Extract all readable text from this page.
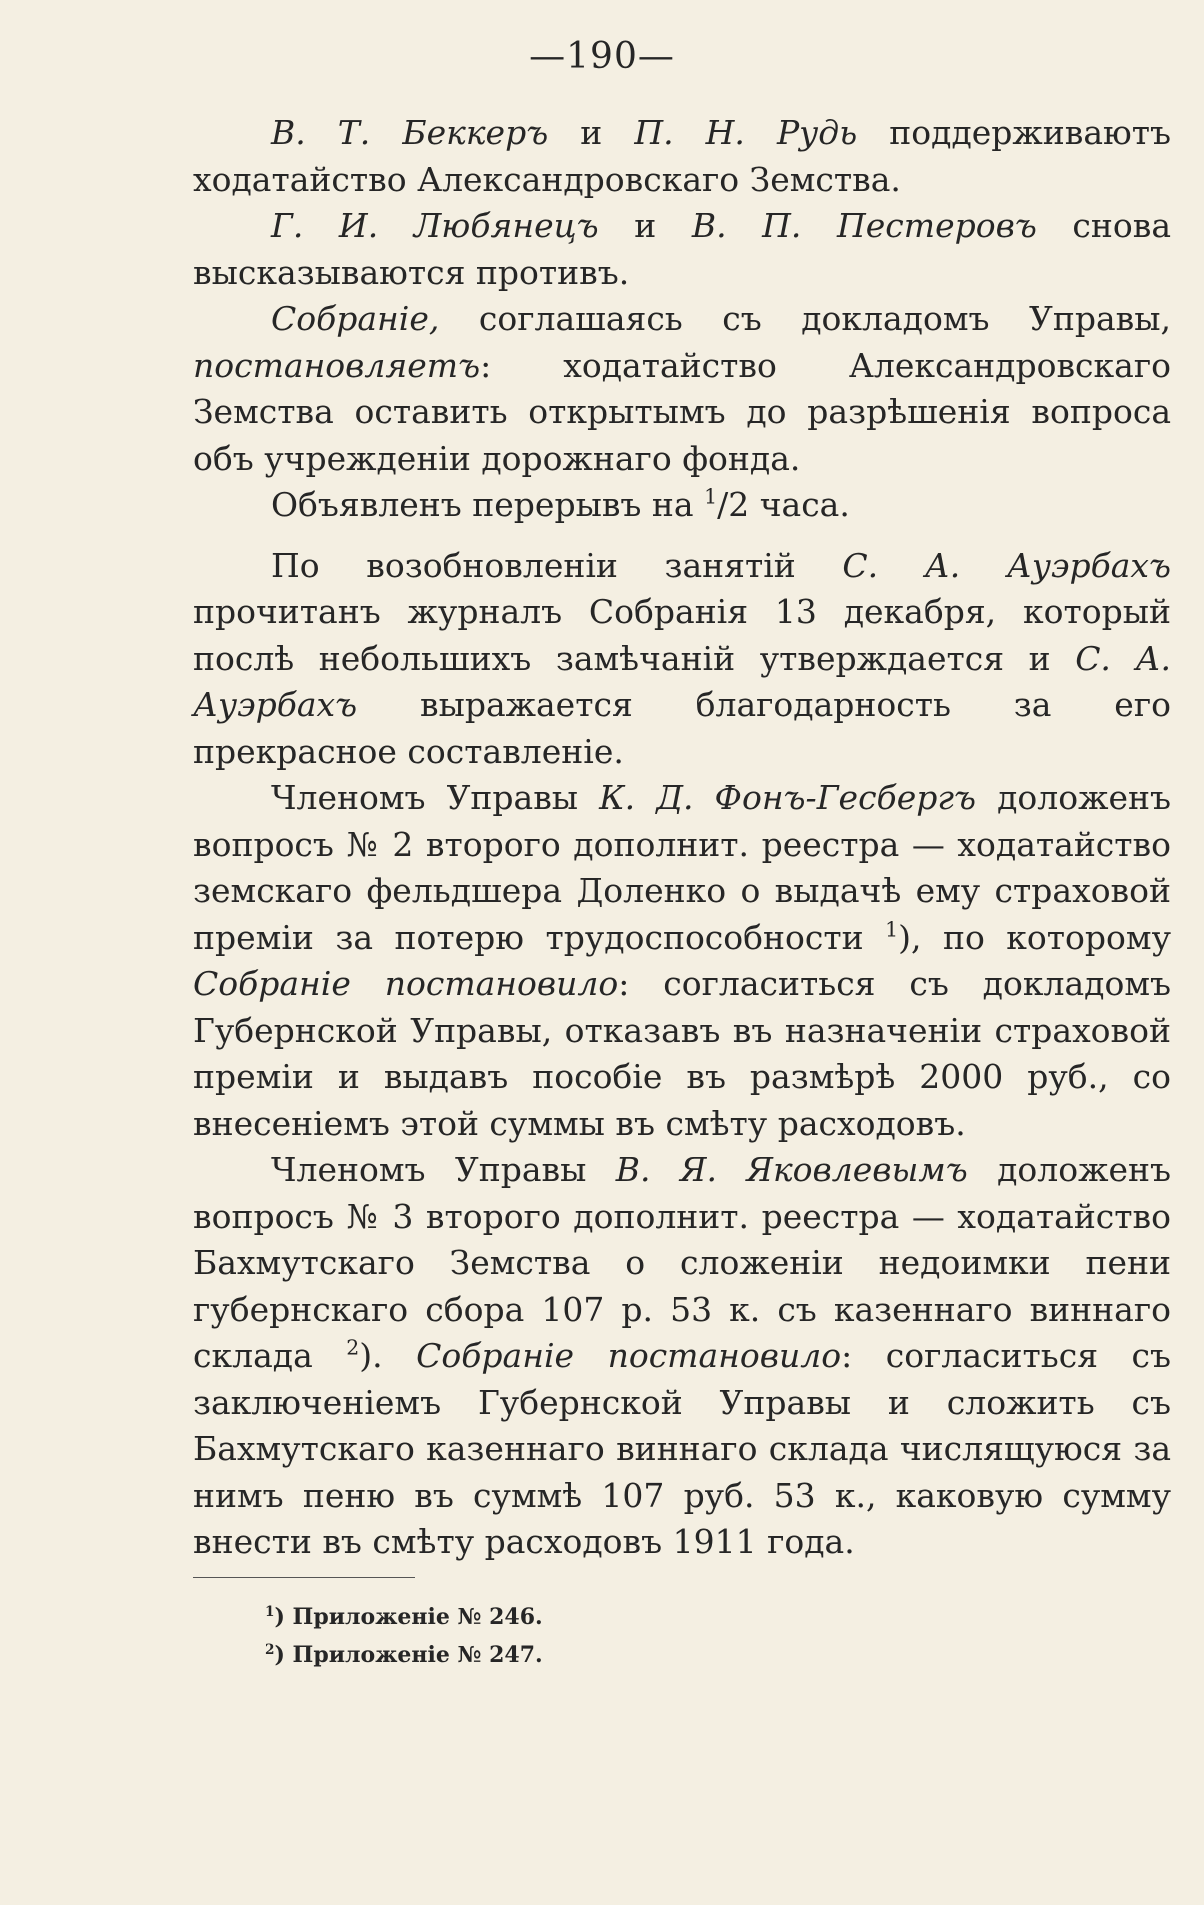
—190—

В. Т. Беккеръ и П. Н. Рудь поддерживаютъ ходатайство Александровскаго Земства.

Г. И. Любянецъ и В. П. Пестеровъ снова высказываются противъ.

Собраніе, соглашаясь съ докладомъ Управы, постановляетъ: ходатайство Александровскаго Земства оставить открытымъ до разрѣшенія вопроса объ учрежденіи дорожнаго фонда.

Объявленъ перерывъ на $^1$/2 часа.

По возобновленіи занятій С. А. Ауэрбахъ прочитанъ журналъ Собранія 13 декабря, который послѣ небольшихъ замѣчаній утверждается и С. А. Ауэрбахъ выражается благодарность за его прекрасное составленіе.

Членомъ Управы К. Д. Фонъ-Гесбергъ доложенъ вопросъ № 2 второго дополнит. реестра — ходатайство земскаго фельдшера Доленко о выдачѣ ему страховой преміи за потерю трудоспособности $^1$), по которому Собраніе постановило: согласиться съ докладомъ Губернской Управы, отказавъ въ назначеніи страховой преміи и выдавъ пособіе въ размѣрѣ 2000 руб., со внесеніемъ этой суммы въ смѣту расходовъ.

Членомъ Управы В. Я. Яковлевымъ доложенъ вопросъ № 3 второго дополнит. реестра — ходатайство Бахмутскаго Земства о сложеніи недоимки пени губернскаго сбора 107 р. 53 к. съ казеннаго виннаго склада $^2$). Собраніе постановило: согласиться съ заключеніемъ Губернской Управы и сложить съ Бахмутскаго казеннаго виннаго склада числящуюся за нимъ пеню въ суммѣ 107 руб. 53 к., каковую сумму внести въ смѣту расходовъ 1911 года.

$^1$) Приложеніе № 246.
$^2$) Приложеніе № 247.
